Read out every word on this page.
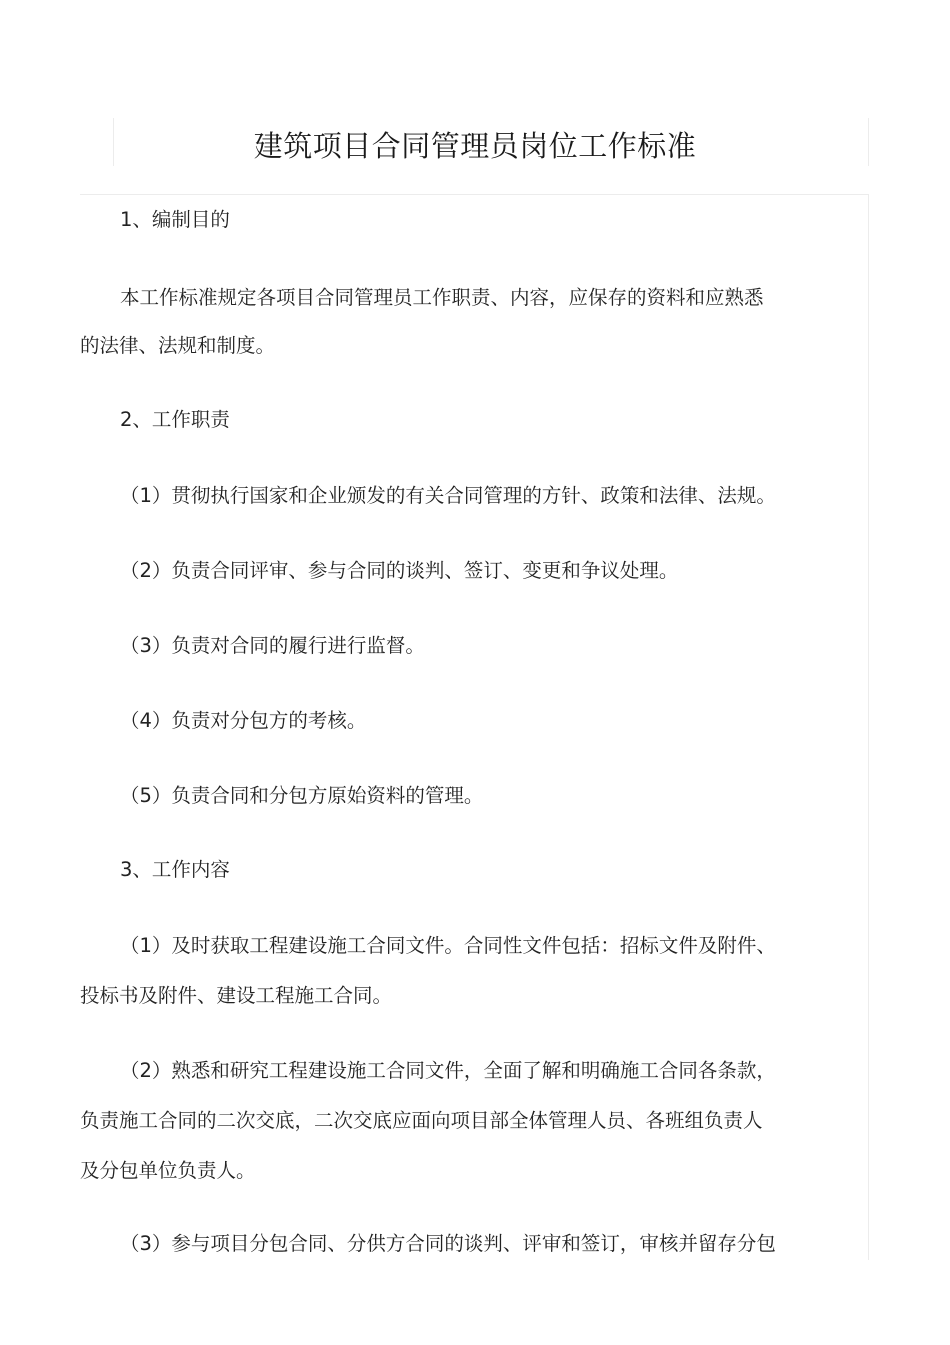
建筑项目合同管理员岗位工作标准
1、编制目的
本工作标准规定各项目合同管理员工作职责、内容，应保存的资料和应熟悉
的法律、法规和制度。
2、工作职责
（1）贯彻执行国家和企业颁发的有关合同管理的方针、政策和法律、法规。
（2）负责合同评审、参与合同的谈判、签订、变更和争议处理。
（3）负责对合同的履行进行监督。
（4）负责对分包方的考核。
（5）负责合同和分包方原始资料的管理。
3、工作内容
（1）及时获取工程建设施工合同文件。合同性文件包括：招标文件及附件、
投标书及附件、建设工程施工合同。
（2）熟悉和研究工程建设施工合同文件，全面了解和明确施工合同各条款，
负责施工合同的二次交底，二次交底应面向项目部全体管理人员、各班组负责人
及分包单位负责人。
（3）参与项目分包合同、分供方合同的谈判、评审和签订，审核并留存分包
